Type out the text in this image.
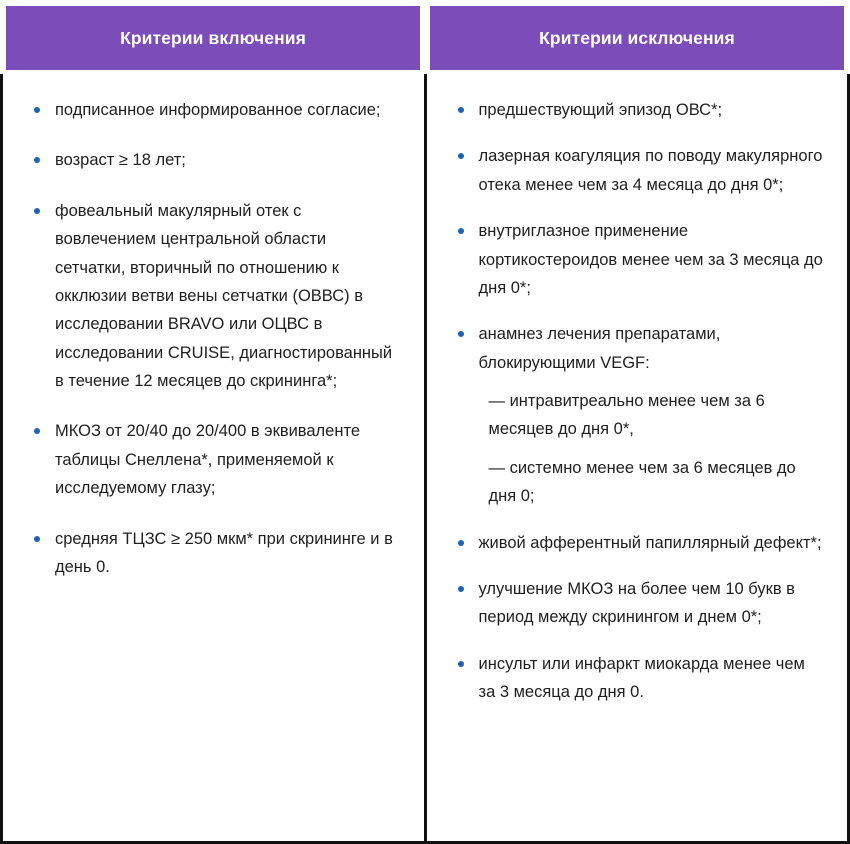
Критерии включения	Критерии исключения
подписанное информированное согласие;
возраст ≥ 18 лет;
фовеальный макулярный отек с вовлечением центральной области сетчатки, вторичный по отношению к окклюзии ветви вены сетчатки (ОВВС) в исследовании BRAVO или ОЦВС в исследовании CRUISE, диагностированный в течение 12 месяцев до скрининга*;
МКОЗ от 20/40 до 20/400 в эквиваленте таблицы Снеллена*, применяемой к исследуемому глазу;
средняя ТЦЗС ≥ 250 мкм* при скрининге и в день 0.
предшествующий эпизод ОВС*;
лазерная коагуляция по поводу макулярного отека менее чем за 4 месяца до дня 0*;
внутриглазное применение кортикостероидов менее чем за 3 месяца до дня 0*;
анамнез лечения препаратами, блокирующими VEGF:
— интравитреально менее чем за 6 месяцев до дня 0*,
— системно менее чем за 6 месяцев до дня 0;
живой афферентный папиллярный дефект*;
улучшение МКОЗ на более чем 10 букв в период между скринингом и днем 0*;
инсульт или инфаркт миокарда менее чем за 3 месяца до дня 0.
